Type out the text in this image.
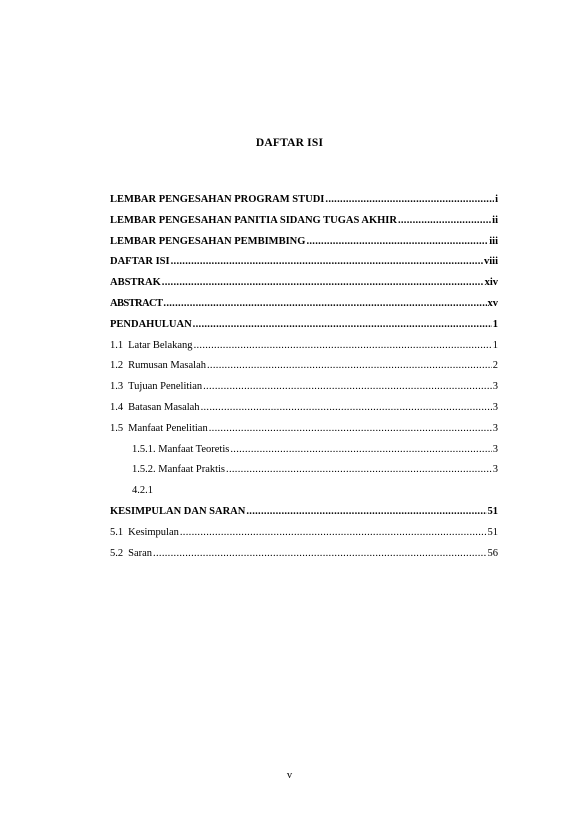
DAFTAR ISI
LEMBAR PENGESAHAN PROGRAM STUDI .....	i
LEMBAR PENGESAHAN PANITIA SIDANG TUGAS AKHIR .....	ii
LEMBAR PENGESAHAN PEMBIMBING .....	iii
DAFTAR ISI .....	viii
ABSTRAK .....	xiv
ABSTRACT .....	xv
PENDAHULUAN .....	1
1.1 Latar Belakang .....	1
1.2 Rumusan Masalah .....	2
1.3 Tujuan Penelitian .....	3
1.4 Batasan Masalah .....	3
1.5 Manfaat Penelitian .....	3
1.5.1. Manfaat Teoretis .....	3
1.5.2. Manfaat Praktis .....	3
4.2.1
KESIMPULAN DAN SARAN .....	51
5.1 Kesimpulan .....	51
5.2 Saran .....	56
v
